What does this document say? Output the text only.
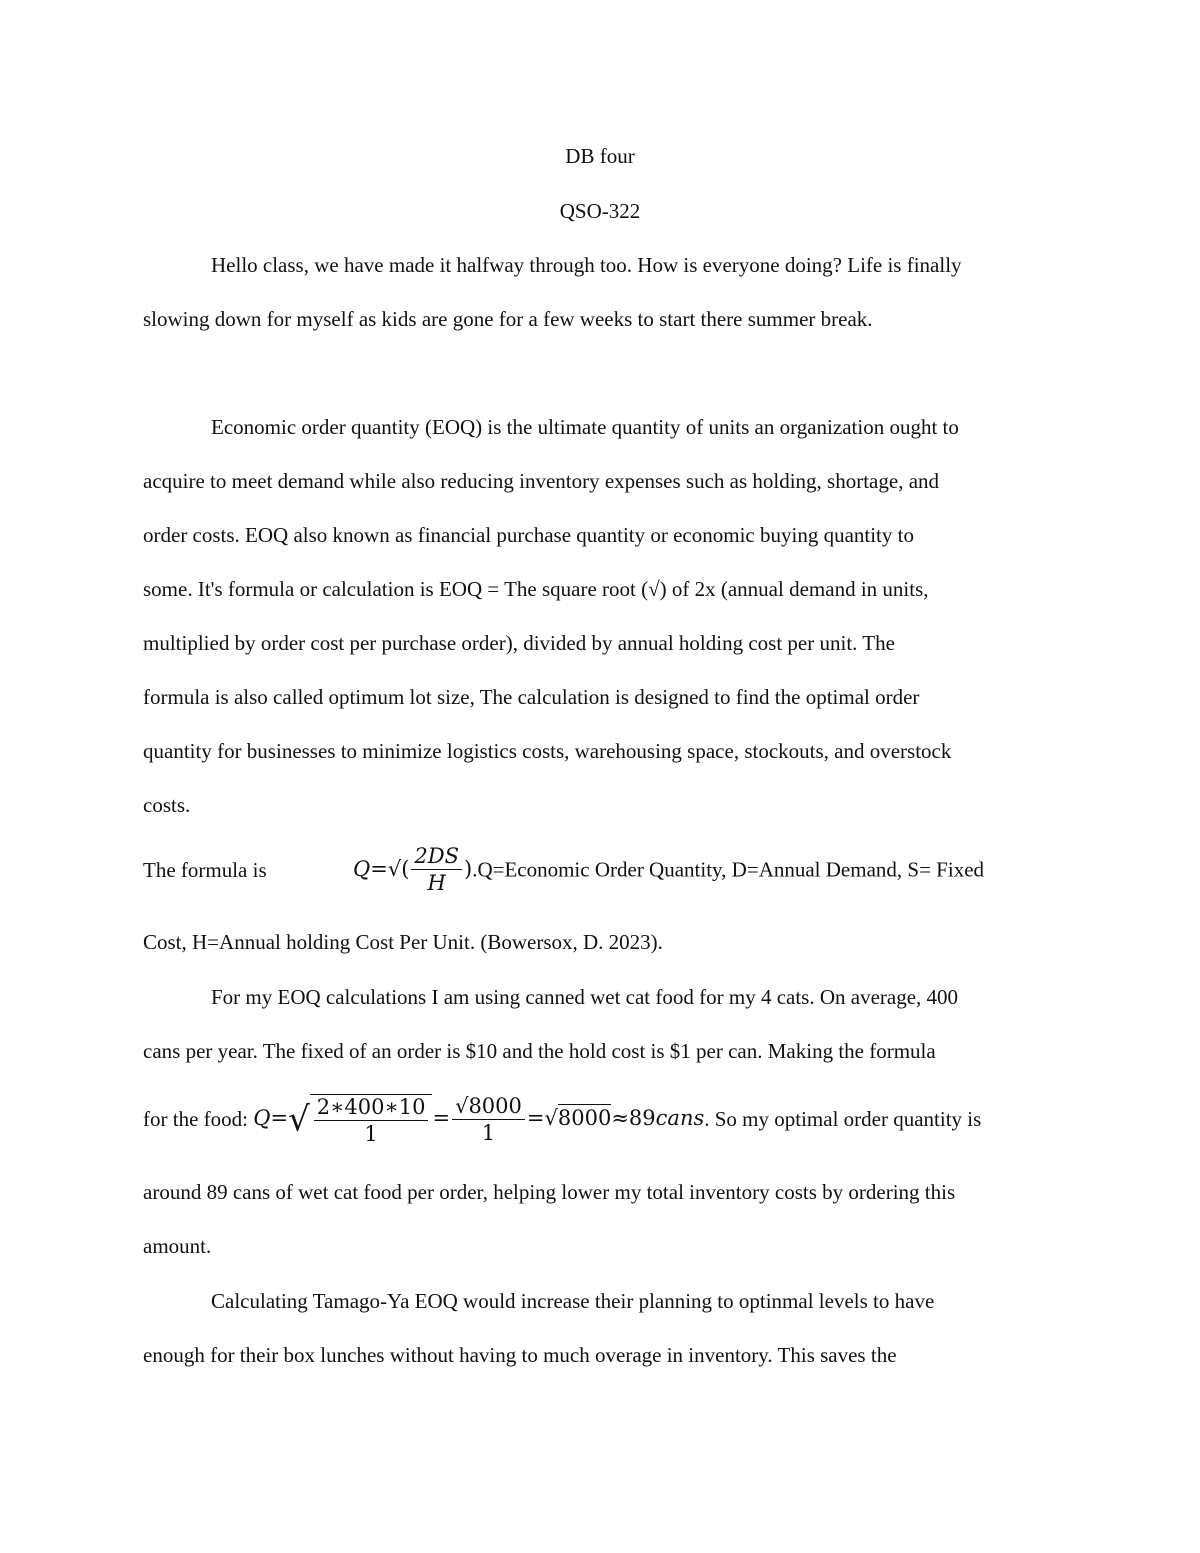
DB four
QSO-322
Hello class, we have made it halfway through too. How is everyone doing? Life is finally
slowing down for myself as kids are gone for a few weeks to start there summer break.
Economic order quantity (EOQ) is the ultimate quantity of units an organization ought to
acquire to meet demand while also reducing inventory expenses such as holding, shortage, and
order costs. EOQ also known as financial purchase quantity or economic buying quantity to
some. It's formula or calculation is EOQ = The square root (√) of 2x (annual demand in units,
multiplied by order cost per purchase order), divided by annual holding cost per unit. The
formula is also called optimum lot size, The calculation is designed to find the optimal order
quantity for businesses to minimize logistics costs, warehousing space, stockouts, and overstock
costs.
The formula is	$Q=√( \frac{2DS}{H}$ ).Q=Economic Order Quantity, D=Annual Demand, S= Fixed
Cost, H=Annual holding Cost Per Unit. (Bowersox, D. 2023).
For my EOQ calculations I am using canned wet cat food for my 4 cats. On average, 400
cans per year. The fixed of an order is $10 and the hold cost is $1 per can. Making the formula
for the food: $Q=√ \frac{2∗400∗10}{1} = \frac{√8000}{1}$ =√8000≈89cans. So my optimal order quantity is
around 89 cans of wet cat food per order, helping lower my total inventory costs by ordering this
amount.
Calculating Tamago-Ya EOQ would increase their planning to optinmal levels to have
enough for their box lunches without having to much overage in inventory. This saves the
